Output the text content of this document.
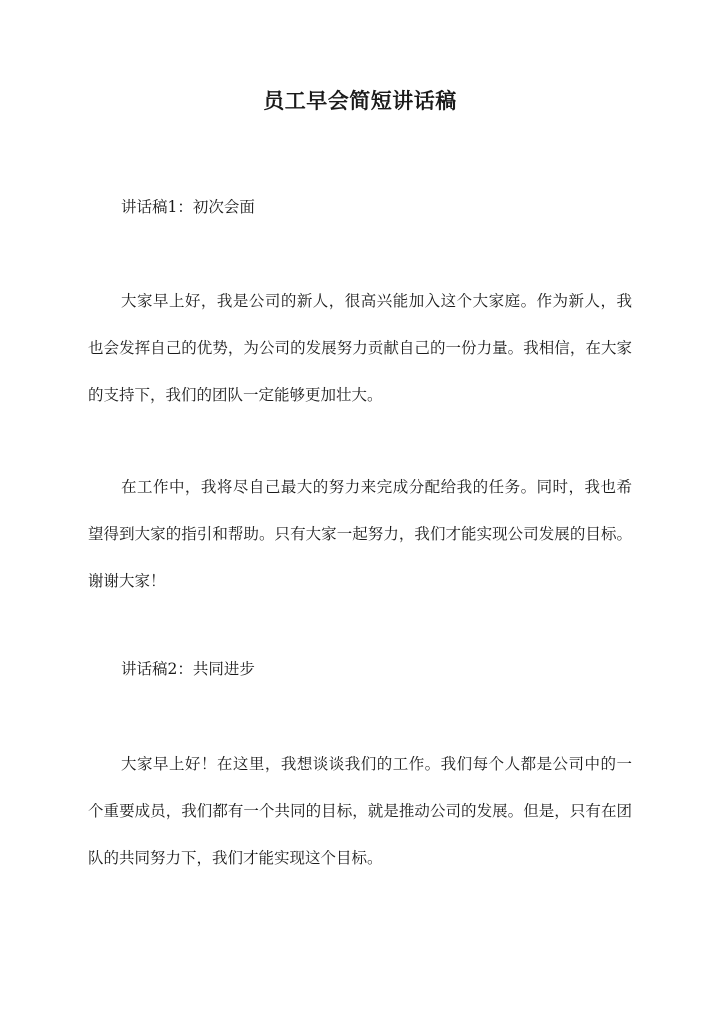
员工早会简短讲话稿

讲话稿1：初次会面

大家早上好，我是公司的新人，很高兴能加入这个大家庭。作为新人，我也会发挥自己的优势，为公司的发展努力贡献自己的一份力量。我相信，在大家的支持下，我们的团队一定能够更加壮大。

在工作中，我将尽自己最大的努力来完成分配给我的任务。同时，我也希望得到大家的指引和帮助。只有大家一起努力，我们才能实现公司发展的目标。谢谢大家！

讲话稿2：共同进步

大家早上好！在这里，我想谈谈我们的工作。我们每个人都是公司中的一个重要成员，我们都有一个共同的目标，就是推动公司的发展。但是，只有在团队的共同努力下，我们才能实现这个目标。
